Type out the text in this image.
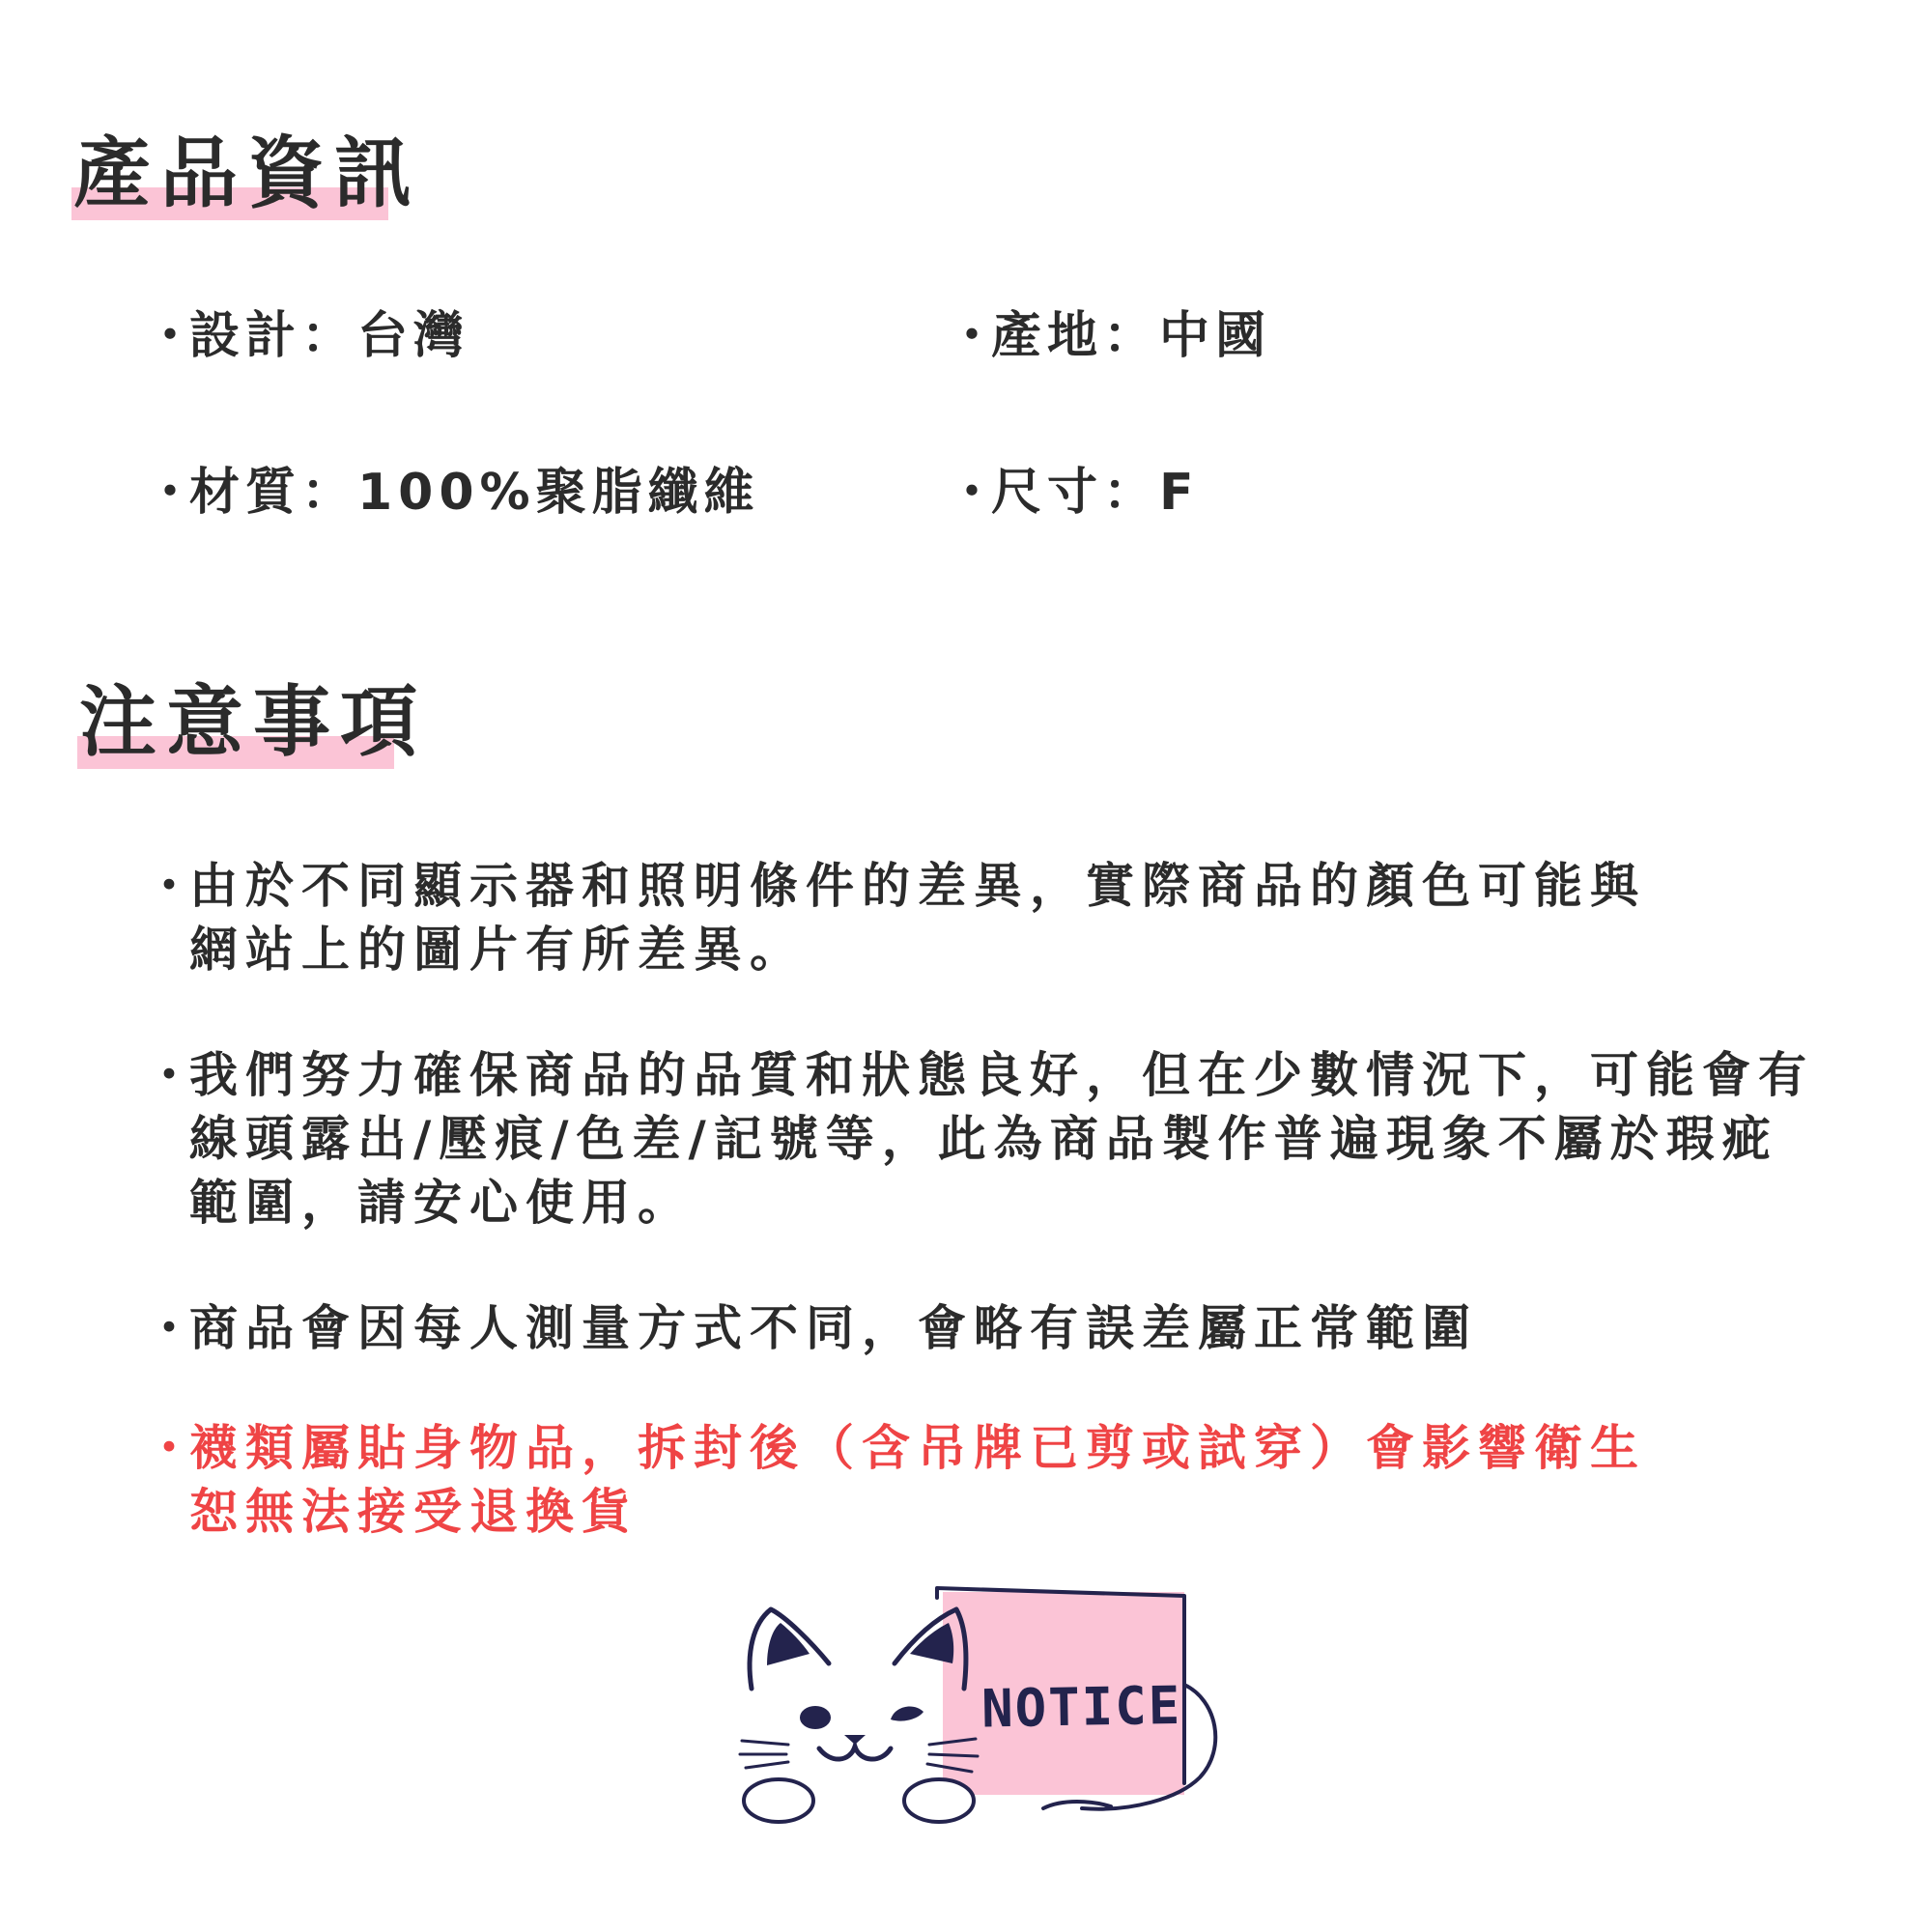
產品資訊
・設計：台灣	・產地：中國
・材質：100%聚脂纖維	・尺寸：F
注意事項
・
由於不同顯示器和照明條件的差異，實際商品的顏色可能與
網站上的圖片有所差異。
・
我們努力確保商品的品質和狀態良好，但在少數情況下，可能會有
線頭露出/壓痕/色差/記號等，此為商品製作普遍現象不屬於瑕疵
範圍，請安心使用。
・
商品會因每人測量方式不同，會略有誤差屬正常範圍
・
襪類屬貼身物品，拆封後（含吊牌已剪或試穿）會影響衛生
恕無法接受退換貨
NOTICE
